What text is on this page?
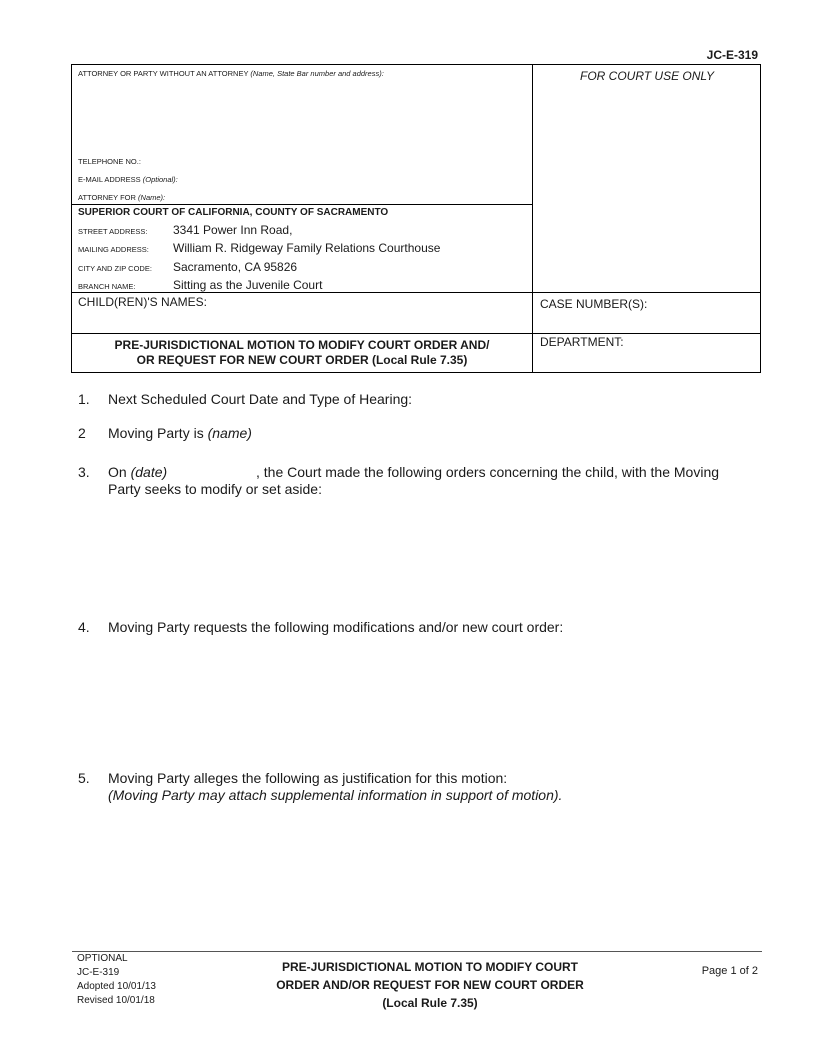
JC-E-319
ATTORNEY OR PARTY WITHOUT AN ATTORNEY (Name, State Bar number and address):
TELEPHONE NO.:
E-MAIL ADDRESS (Optional):
ATTORNEY FOR (Name):
SUPERIOR COURT OF CALIFORNIA, COUNTY OF SACRAMENTO
STREET ADDRESS: 3341 Power Inn Road,
MAILING ADDRESS: William R. Ridgeway Family Relations Courthouse
CITY AND ZIP CODE: Sacramento, CA 95826
BRANCH NAME:	Sitting as the Juvenile Court
CHILD(REN)'S NAMES:
FOR COURT USE ONLY
CASE NUMBER(S):
DEPARTMENT:
PRE-JURISDICTIONAL MOTION TO MODIFY COURT ORDER AND/
OR REQUEST FOR NEW COURT ORDER (Local Rule 7.35)
1.	Next Scheduled Court Date and Type of Hearing:
2	Moving Party is (name)
3.	On (date)	, the Court made the following orders concerning the child, with the Moving
Party seeks to modify or set aside:
4.	Moving Party requests the following modifications and/or new court order:
5.	Moving Party alleges the following as justification for this motion:
(Moving Party may attach supplemental information in support of motion).
OPTIONAL
JC-E-319
Adopted 10/01/13
Revised 10/01/18
PRE-JURISDICTIONAL MOTION TO MODIFY COURT
ORDER AND/OR REQUEST FOR NEW COURT ORDER
(Local Rule 7.35)
Page 1 of 2
